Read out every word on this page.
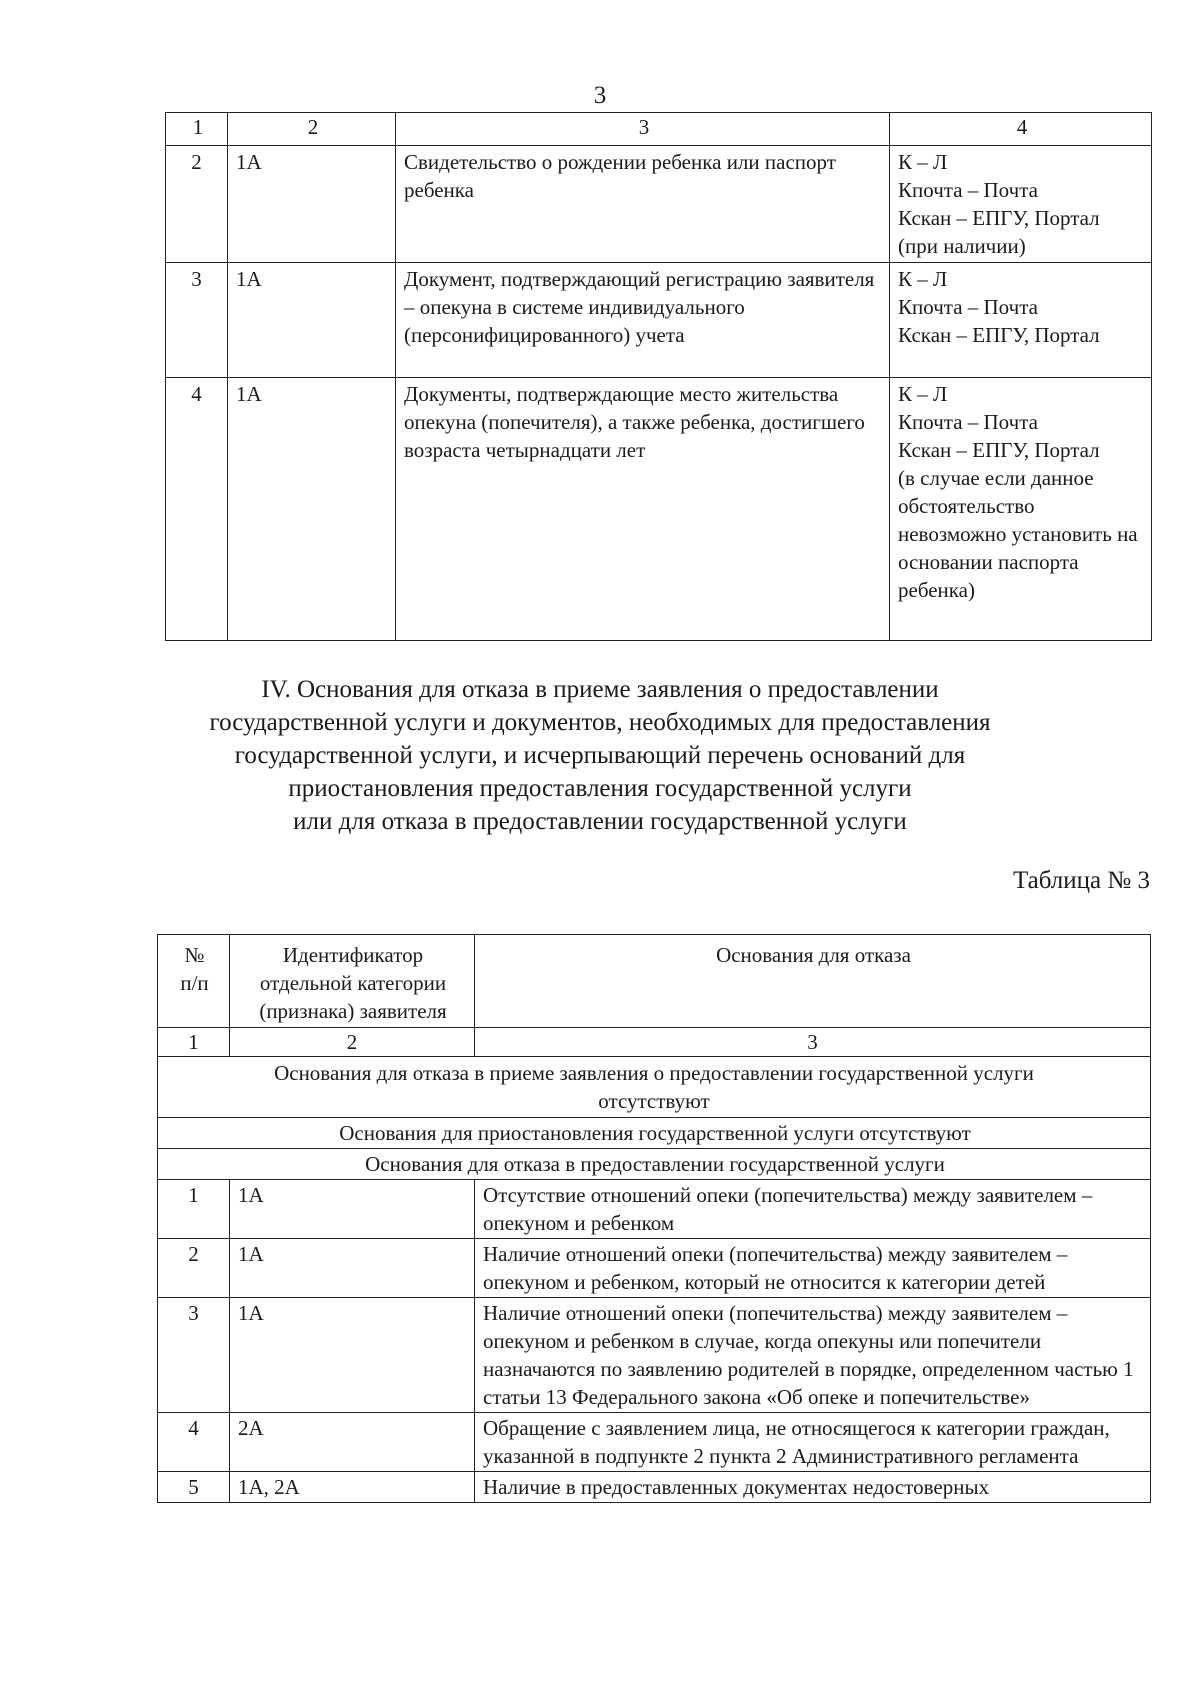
3
1	2	3	4
2	1А	Свидетельство о рождении ребенка или паспорт ребенка	К – Л
Кпочта – Почта
Кскан – ЕПГУ, Портал
(при наличии)
3	1А	Документ, подтверждающий регистрацию заявителя – опекуна в системе индивидуального (персонифицированного) учета	К – Л
Кпочта – Почта
Кскан – ЕПГУ, Портал
4	1А	Документы, подтверждающие место жительства опекуна (попечителя), а также ребенка, достигшего возраста четырнадцати лет	К – Л
Кпочта – Почта
Кскан – ЕПГУ, Портал
(в случае если данное обстоятельство невозможно установить на основании паспорта ребенка)
IV. Основания для отказа в приеме заявления о предоставлении
государственной услуги и документов, необходимых для предоставления
государственной услуги, и исчерпывающий перечень оснований для
приостановления предоставления государственной услуги
или для отказа в предоставлении государственной услуги
Таблица № 3
№
п/п	Идентификатор отдельной категории (признака) заявителя	Основания для отказа
1	2	3
Основания для отказа в приеме заявления о предоставлении государственной услуги отсутствуют		
Основания для приостановления государственной услуги отсутствуют		
Основания для отказа в предоставлении государственной услуги		
1	1А	Отсутствие отношений опеки (попечительства) между заявителем – опекуном и ребенком
2	1А	Наличие отношений опеки (попечительства) между заявителем – опекуном и ребенком, который не относится к категории детей
3	1А	Наличие отношений опеки (попечительства) между заявителем – опекуном и ребенком в случае, когда опекуны или попечители назначаются по заявлению родителей в порядке, определенном частью 1 статьи 13 Федерального закона «Об опеке и попечительстве»
4	2А	Обращение с заявлением лица, не относящегося к категории граждан, указанной в подпункте 2 пункта 2 Административного регламента
5	1А, 2А	Наличие в предоставленных документах недостоверных
